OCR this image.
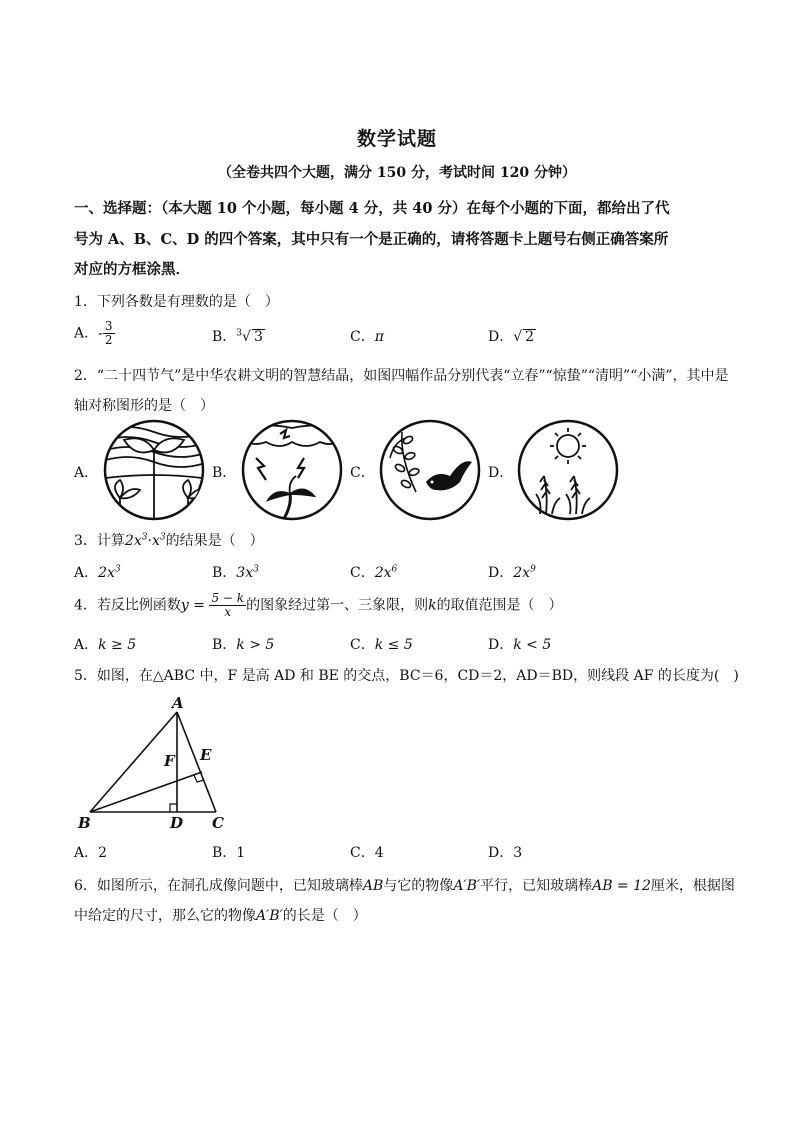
数学试题
（全卷共四个大题，满分 150 分，考试时间 120 分钟）
一、选择题：（本大题 10 个小题，每小题 4 分，共 40 分）在每个小题的下面，都给出了代
号为 A、B、C、D 的四个答案，其中只有一个是正确的，请将答题卡上题号右侧正确答案所
对应的方框涂黑．
1．下列各数是有理数的是（　）
A．- $\frac{3}{2}$	B．$^3$√ 3	C．π	D．√ 2
2．“二十四节气”是中华农耕文明的智慧结晶，如图四幅作品分别代表“立春”“惊蛰”“清明”“小满”，其中是
轴对称图形的是（　）
A．	B．	C．	D．
3．计算$2x^3\cdot x^3$的结果是（　）
A．$2x^3$	B．$3x^3$	C．$2x^6$	D．$2x^9$
4．若反比例函数$y = \frac{5 - k}{x}$ 的图象经过第一、三象限，则k的取值范围是（　）
A．k ≥ 5	B．k > 5	C．k ≤ 5	D．k < 5
5．如图，在△ABC 中，F 是高 AD 和 BE 的交点，BC＝6，CD＝2，AD＝BD，则线段 AF 的长度为(　)
A
B	C
D
E
F
A．2	B．1	C．4	D．3
6．如图所示，在洞孔成像问题中，已知玻璃棒AB与它的物像A′B′平行，已知玻璃棒AB = 12厘米，根据图
中给定的尺寸，那么它的物像A′B′的长是（　）
